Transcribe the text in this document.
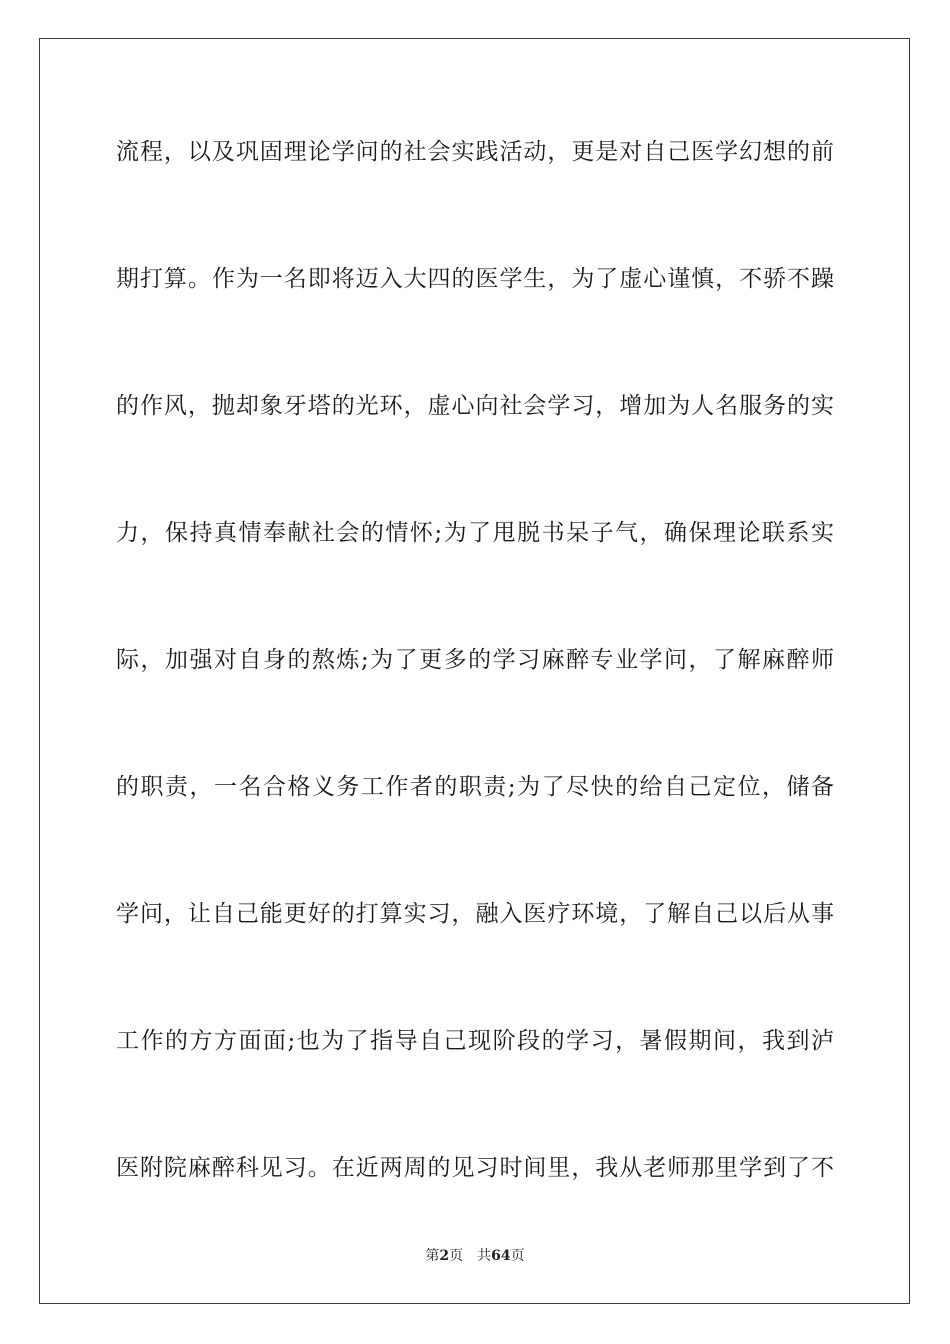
流程，以及巩固理论学问的社会实践活动，更是对自己医学幻想的前
期打算。作为一名即将迈入大四的医学生，为了虚心谨慎，不骄不躁
的作风，抛却象牙塔的光环，虚心向社会学习，增加为人名服务的实
力，保持真情奉献社会的情怀;为了甩脱书呆子气，确保理论联系实
际，加强对自身的熬炼;为了更多的学习麻醉专业学问，了解麻醉师
的职责，一名合格义务工作者的职责;为了尽快的给自己定位，储备
学问，让自己能更好的打算实习，融入医疗环境，了解自己以后从事
工作的方方面面;也为了指导自己现阶段的学习，暑假期间，我到泸
医附院麻醉科见习。在近两周的见习时间里，我从老师那里学到了不
第2页 共64页
